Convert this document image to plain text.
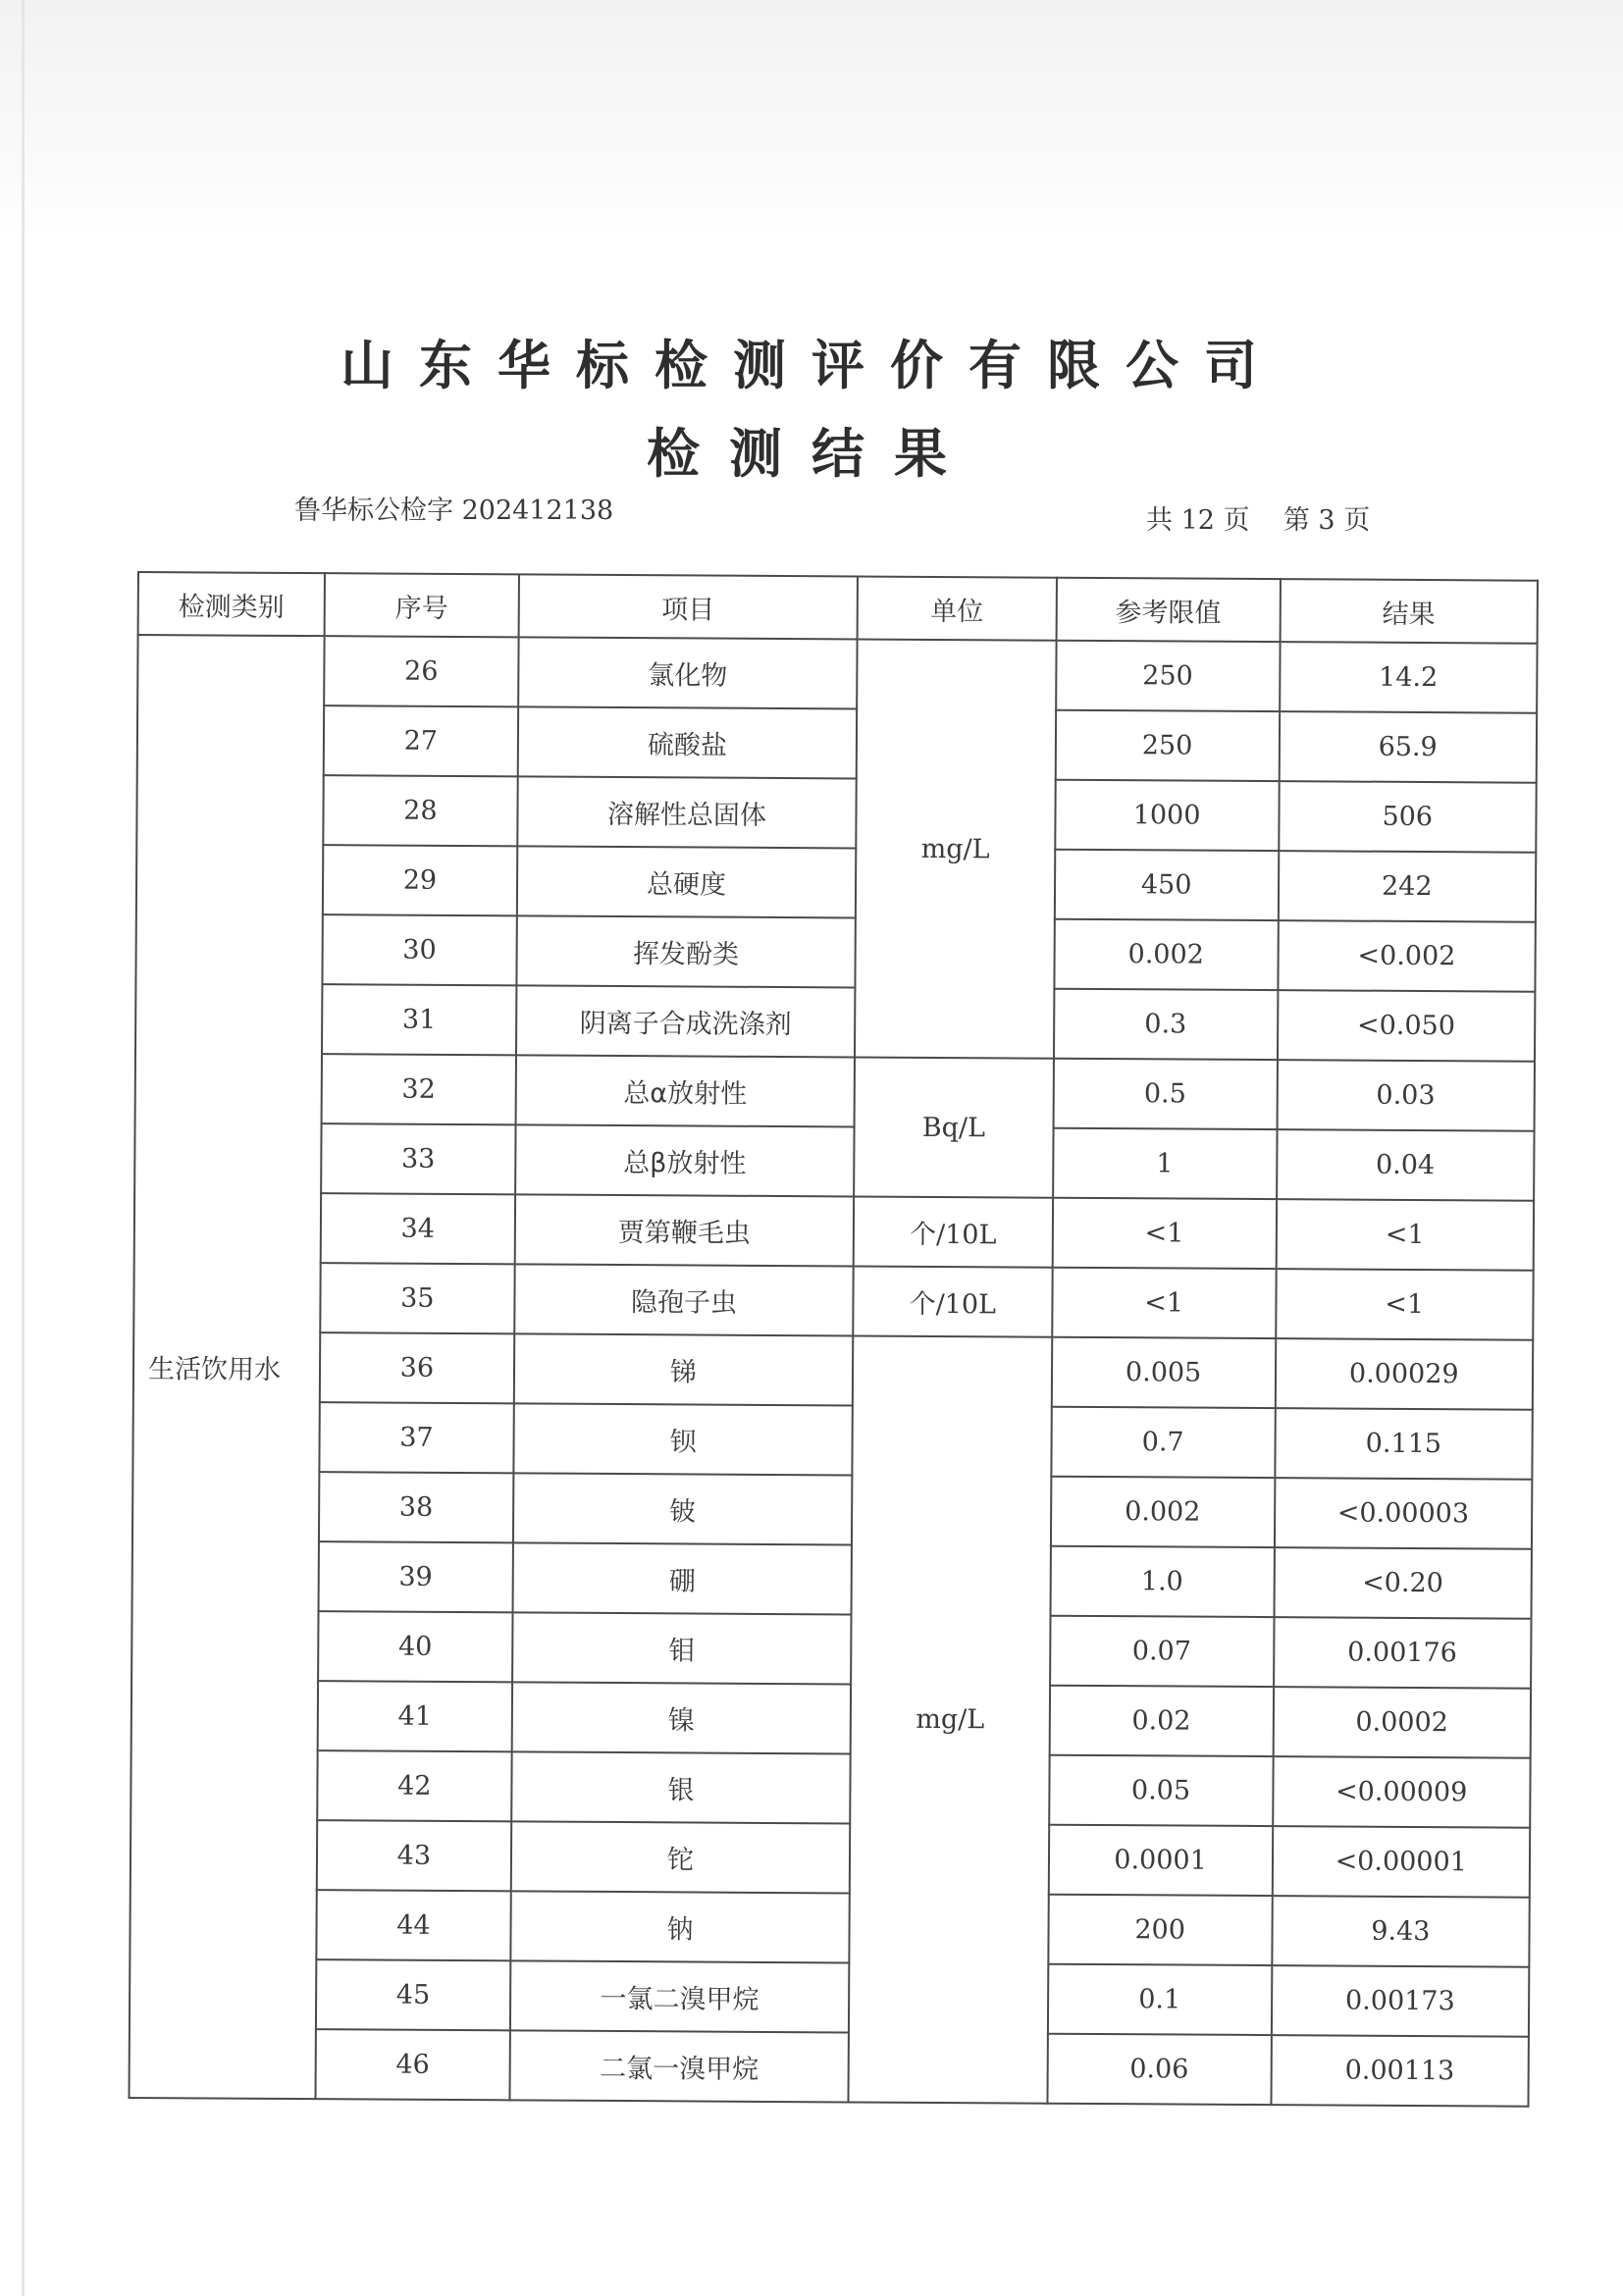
山东华标检测评价有限公司
检测结果
鲁华标公检字 202412138	共 12 页    第 3 页
检测类别	序号	项目	单位	参考限值	结果
生活饮用水	26	氯化物	mg/L	250	14.2
	27	硫酸盐		250	65.9
	28	溶解性总固体		1000	506
	29	总硬度		450	242
	30	挥发酚类		0.002	<0.002
	31	阴离子合成洗涤剂		0.3	<0.050
	32	总α放射性	Bq/L	0.5	0.03
	33	总β放射性		1	0.04
	34	贾第鞭毛虫	个/10L	<1	<1
	35	隐孢子虫	个/10L	<1	<1
	36	锑	mg/L	0.005	0.00029
	37	钡		0.7	0.115
	38	铍		0.002	<0.00003
	39	硼		1.0	<0.20
	40	钼		0.07	0.00176
	41	镍		0.02	0.0002
	42	银		0.05	<0.00009
	43	铊		0.0001	<0.00001
	44	钠		200	9.43
	45	一氯二溴甲烷		0.1	0.00173
	46	二氯一溴甲烷		0.06	0.00113
